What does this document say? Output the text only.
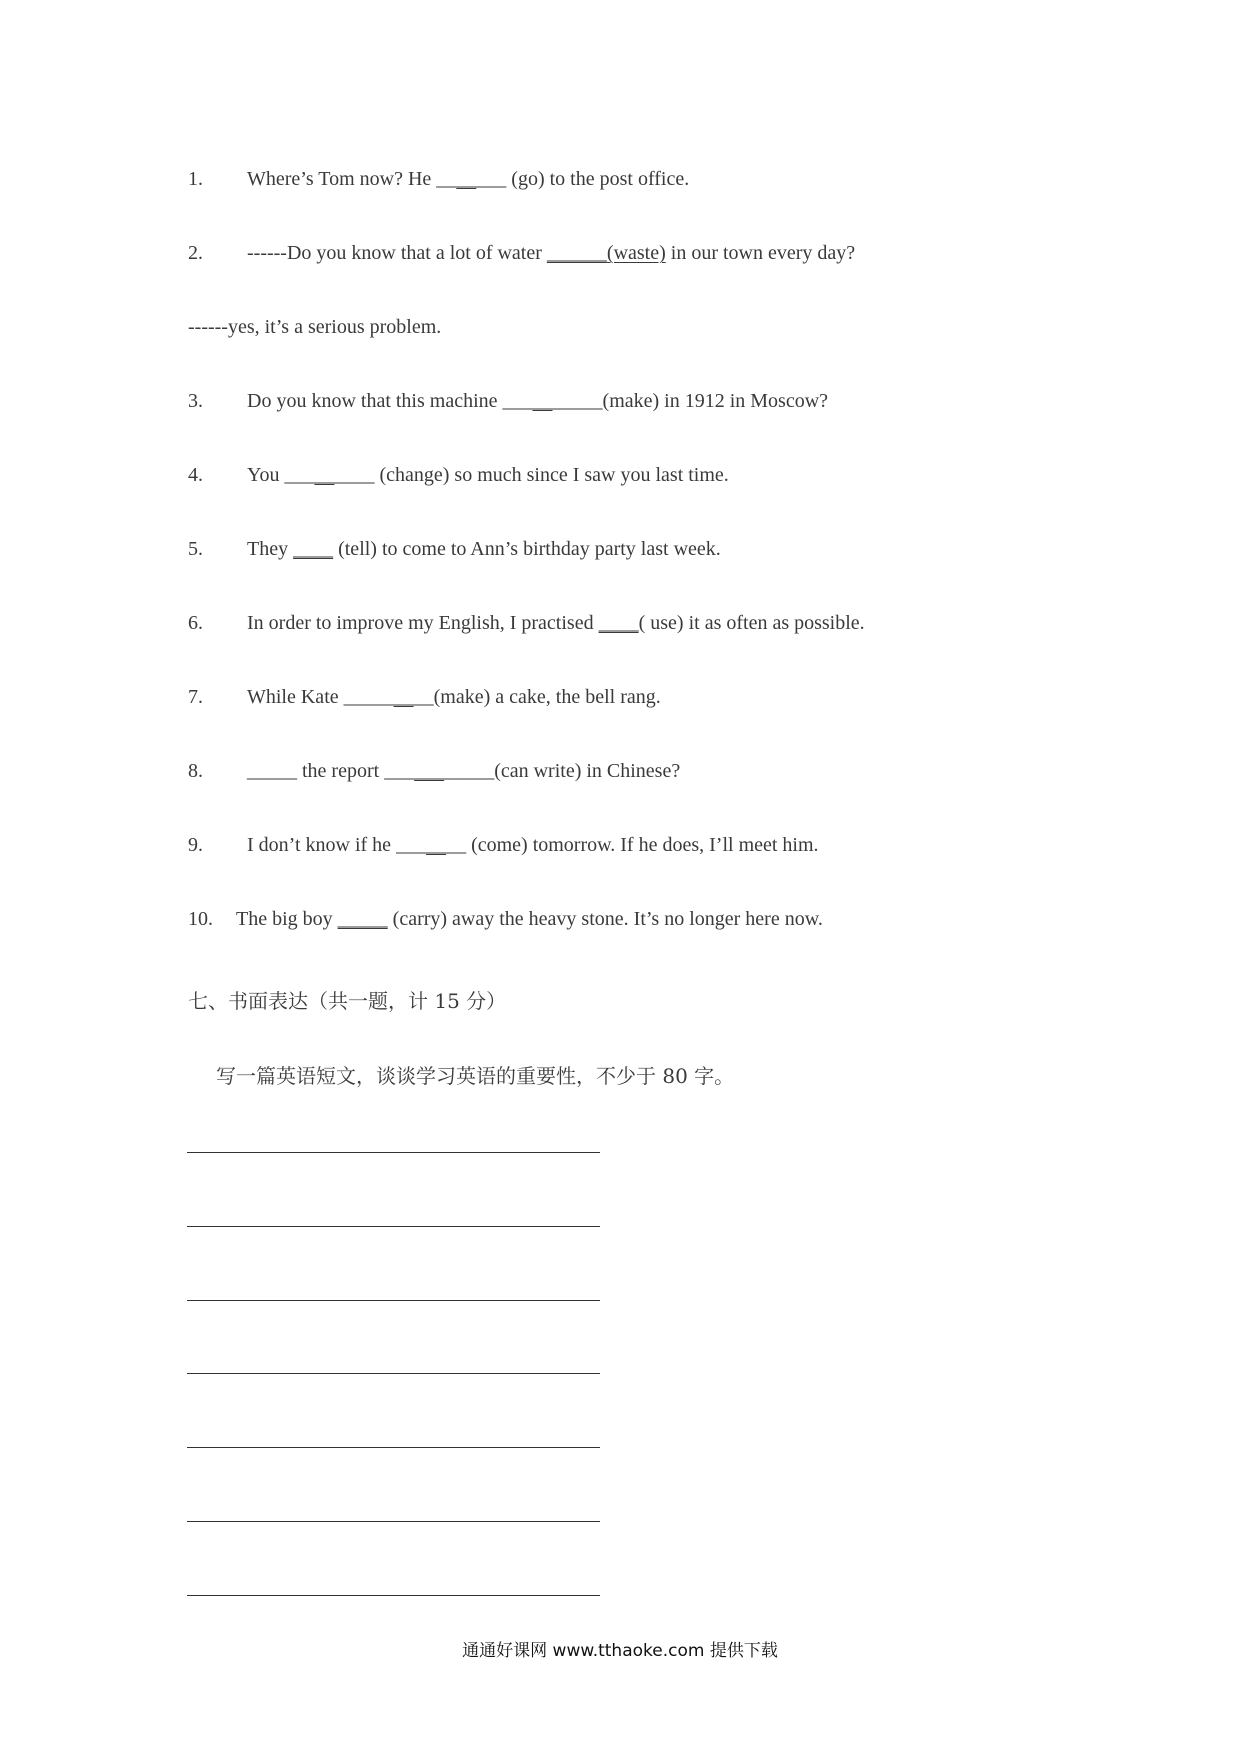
1. Where’s Tom now? He _______ (go) to the post office.
2. ------Do you know that a lot of water ______(waste) in our town every day?
------yes, it’s a serious problem.
3. Do you know that this machine __________(make) in 1912 in Moscow?
4. You _________ (change) so much since I saw you last time.
5. They ____ (tell) to come to Ann’s birthday party last week.
6. In order to improve my English, I practised ____( use) it as often as possible.
7. While Kate _________(make) a cake, the bell rang.
8. _____ the report ___________(can write) in Chinese?
9. I don’t know if he _______ (come) tomorrow. If he does, I’ll meet him.
10. The big boy _____ (carry) away the heavy stone. It’s no longer here now.
七、书面表达（共一题，计 15 分）
写一篇英语短文，谈谈学习英语的重要性，不少于 80 字。
通通好课网 www.tthaoke.com 提供下载
